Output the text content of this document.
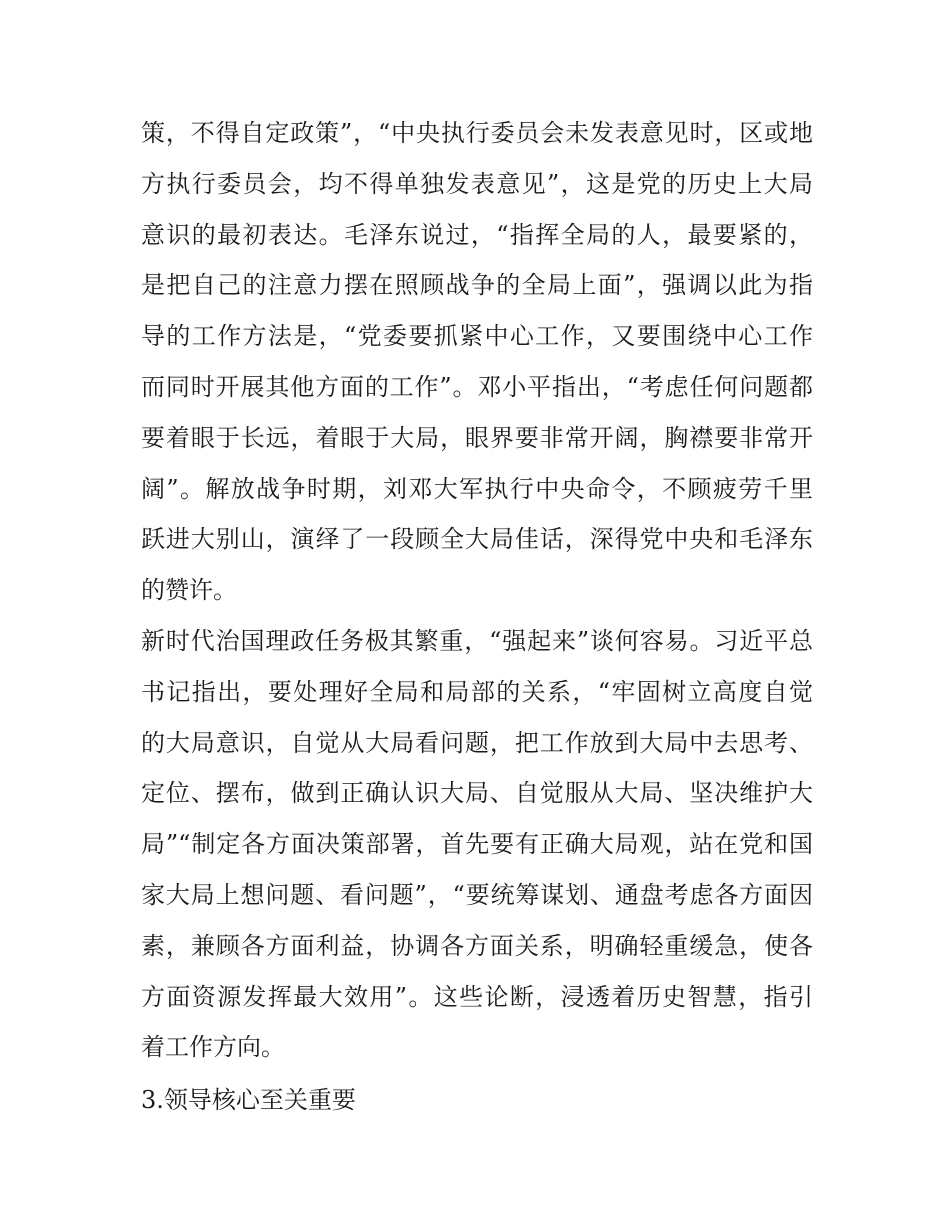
策，不得自定政策”，“中央执行委员会未发表意见时，区或地
方执行委员会，均不得单独发表意见”，这是党的历史上大局
意识的最初表达。毛泽东说过，“指挥全局的人，最要紧的，
是把自己的注意力摆在照顾战争的全局上面”，强调以此为指
导的工作方法是，“党委要抓紧中心工作，又要围绕中心工作
而同时开展其他方面的工作”。邓小平指出，“考虑任何问题都
要着眼于长远，着眼于大局，眼界要非常开阔，胸襟要非常开
阔”。解放战争时期，刘邓大军执行中央命令，不顾疲劳千里
跃进大别山，演绎了一段顾全大局佳话，深得党中央和毛泽东
的赞许。
新时代治国理政任务极其繁重，“强起来”谈何容易。习近平总
书记指出，要处理好全局和局部的关系，“牢固树立高度自觉
的大局意识，自觉从大局看问题，把工作放到大局中去思考、
定位、摆布，做到正确认识大局、自觉服从大局、坚决维护大
局”“制定各方面决策部署，首先要有正确大局观，站在党和国
家大局上想问题、看问题”，“要统筹谋划、通盘考虑各方面因
素，兼顾各方面利益，协调各方面关系，明确轻重缓急，使各
方面资源发挥最大效用”。这些论断，浸透着历史智慧，指引
着工作方向。
3.领导核心至关重要
